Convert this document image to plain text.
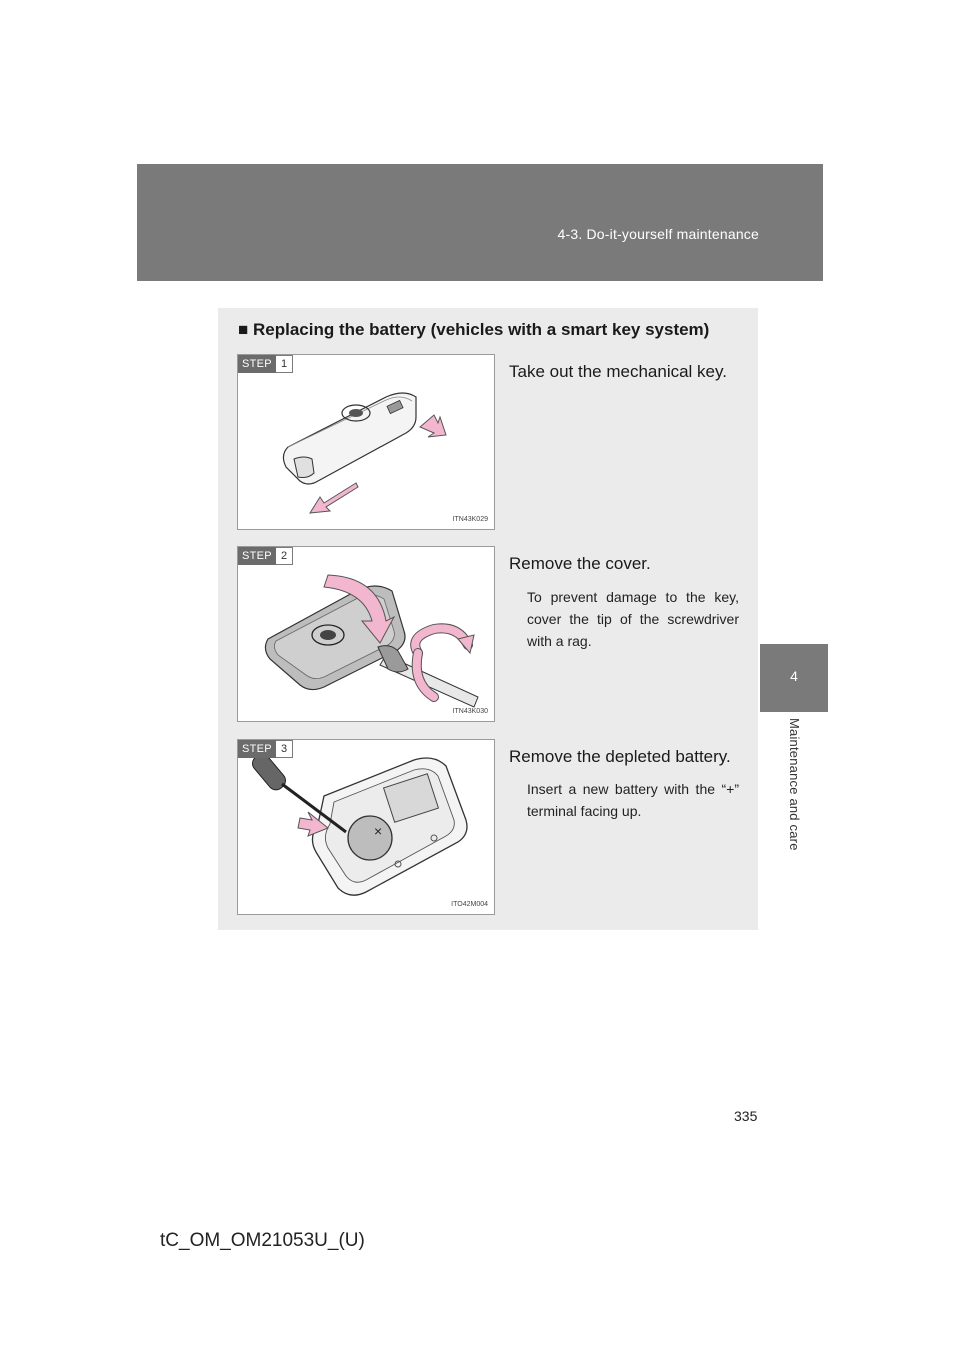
4-3. Do-it-yourself maintenance
4
Maintenance and care
■ Replacing the battery (vehicles with a smart key system)
STEP 1
ITN43K029
Take out the mechanical key.
STEP 2
ITN43K030
Remove the cover.
To prevent damage to the key, cover the tip of the screwdriver with a rag.
×
STEP 3
ITO42M004
Remove the depleted battery.
Insert a new battery with the “+” terminal facing up.
335
tC_OM_OM21053U_(U)
